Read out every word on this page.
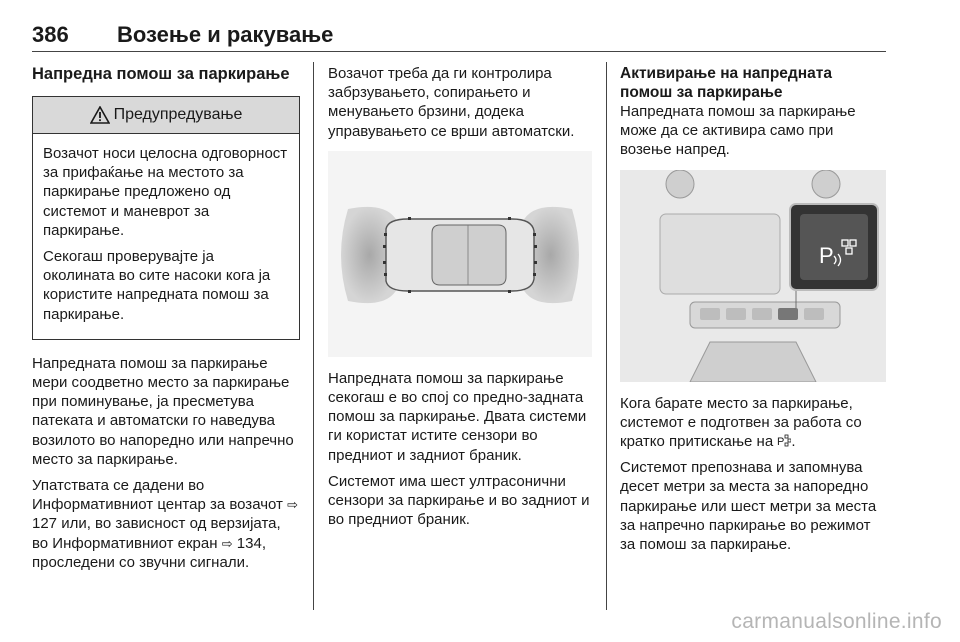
386 Возење и ракување
Напредна помош за паркирање
Предупредување

Возачот носи целосна одговорност за прифаќање на местото за паркирање предложено од системот и маневрот за паркирање.

Секогаш проверувајте ја околината во сите насоки кога ја користите напредната помош за паркирање.

Напредната помош за паркирање мери соодветно место за паркирање при поминување, ја пресметува патеката и автоматски го наведува возилото во напоредно или напречно место за паркирање.

Упатствата се дадени во Информативниот центар за возачот ⇨ 127 или, во зависност од верзијата, во Информативниот екран ⇨ 134, проследени со звучни сигнали.

Возачот треба да ги контролира забрзувањето, сопирањето и менувањето брзини, додека управувањето се врши автоматски.

Напредната помош за паркирање секогаш е во спој со предно-задната помош за паркирање. Двата системи ги користат истите сензори во предниот и задниот браник.

Системот има шест ултрасонични сензори за паркирање и во задниот и во предниот браник.

Активирање на напредната помош за паркирање

Напредната помош за паркирање може да се активира само при возење напред.

P

Кога барате место за паркирање, системот е подготвен за работа со кратко притискање на P .

Системот препознава и запомнува десет метри за места за напоредно паркирање или шест метри за места за напречно паркирање во режимот за помош за паркирање.

carmanualsonline.info
